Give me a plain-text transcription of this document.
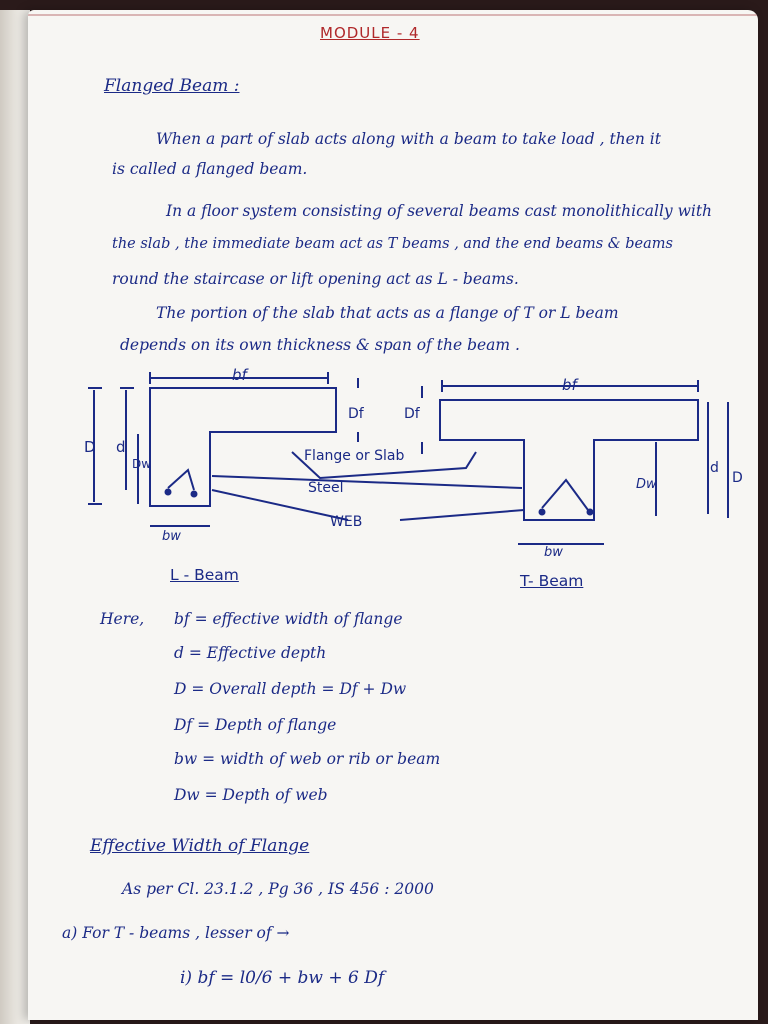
MODULE - 4
Flanged Beam :
When a part of slab acts along with a beam to take load , then it
is called a flanged beam.
In a floor system consisting of several beams cast monolithically with
the slab , the immediate beam act as T beams , and the end beams & beams
round the staircase or lift opening act as L - beams.
The portion of the slab that acts as a flange of T or L beam
depends on its own thickness & span of the beam .
bf
bf
Df	Df
D d
Dw	Flange or Slab
Steel
WEB
bw
bw
Dw
d
D
L - Beam	T- Beam
Here, bf = effective width of flange
d = Effective depth
D = Overall depth = Df + Dw
Df = Depth of flange
bw = width of web or rib or beam
Dw = Depth of web
Effective Width of Flange
As per Cl. 23.1.2 , Pg 36 , IS 456 : 2000
a) For T - beams , lesser of →
i) bf = l0/6 + bw + 6 Df
